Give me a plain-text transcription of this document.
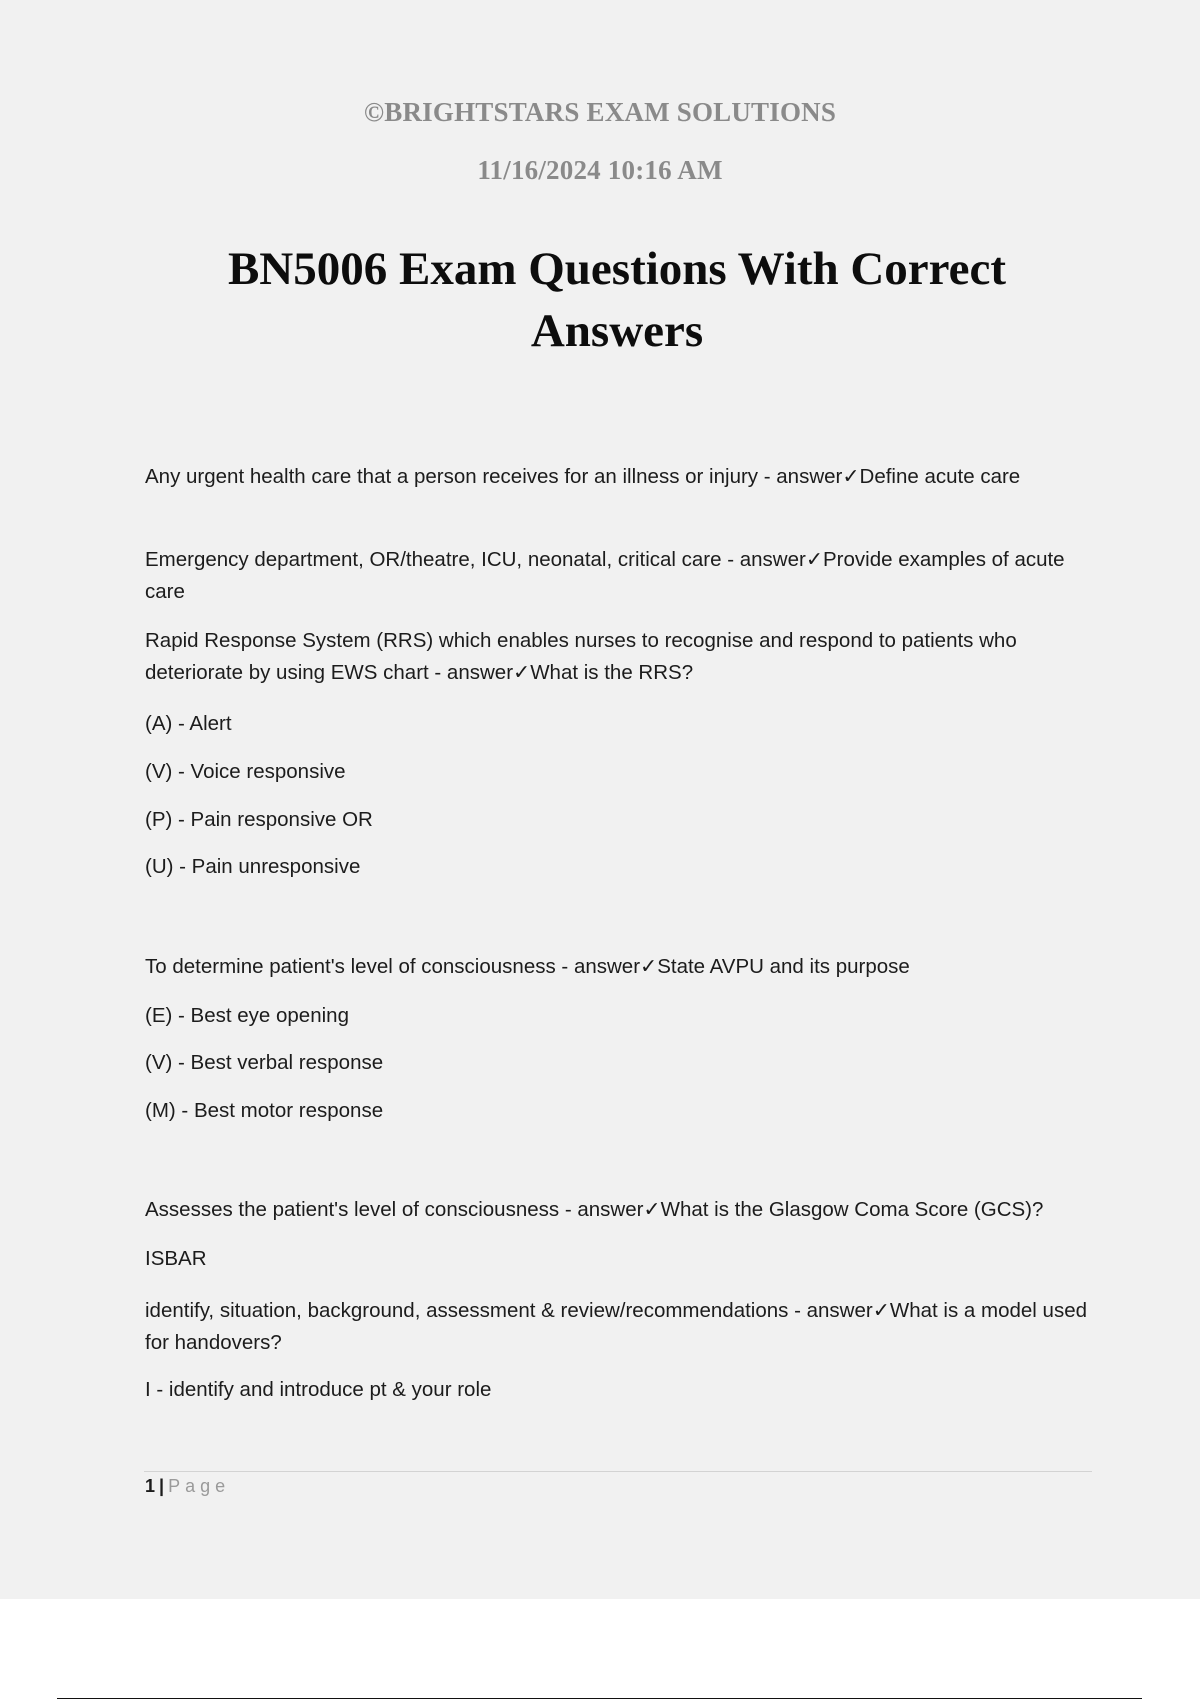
©BRIGHTSTARS EXAM SOLUTIONS
11/16/2024 10:16 AM
BN5006 Exam Questions With Correct Answers

Any urgent health care that a person receives for an illness or injury - answer✓Define acute care

Emergency department, OR/theatre, ICU, neonatal, critical care - answer✓Provide examples of acute care

Rapid Response System (RRS) which enables nurses to recognise and respond to patients who deteriorate by using EWS chart - answer✓What is the RRS?

(A) - Alert

(V) - Voice responsive

(P) - Pain responsive OR

(U) - Pain unresponsive

To determine patient's level of consciousness - answer✓State AVPU and its purpose

(E) - Best eye opening

(V) - Best verbal response

(M) - Best motor response

Assesses the patient's level of consciousness - answer✓What is the Glasgow Coma Score (GCS)?

ISBAR

identify, situation, background, assessment & review/recommendations - answer✓What is a model used for handovers?

I - identify and introduce pt & your role

1 | Page
